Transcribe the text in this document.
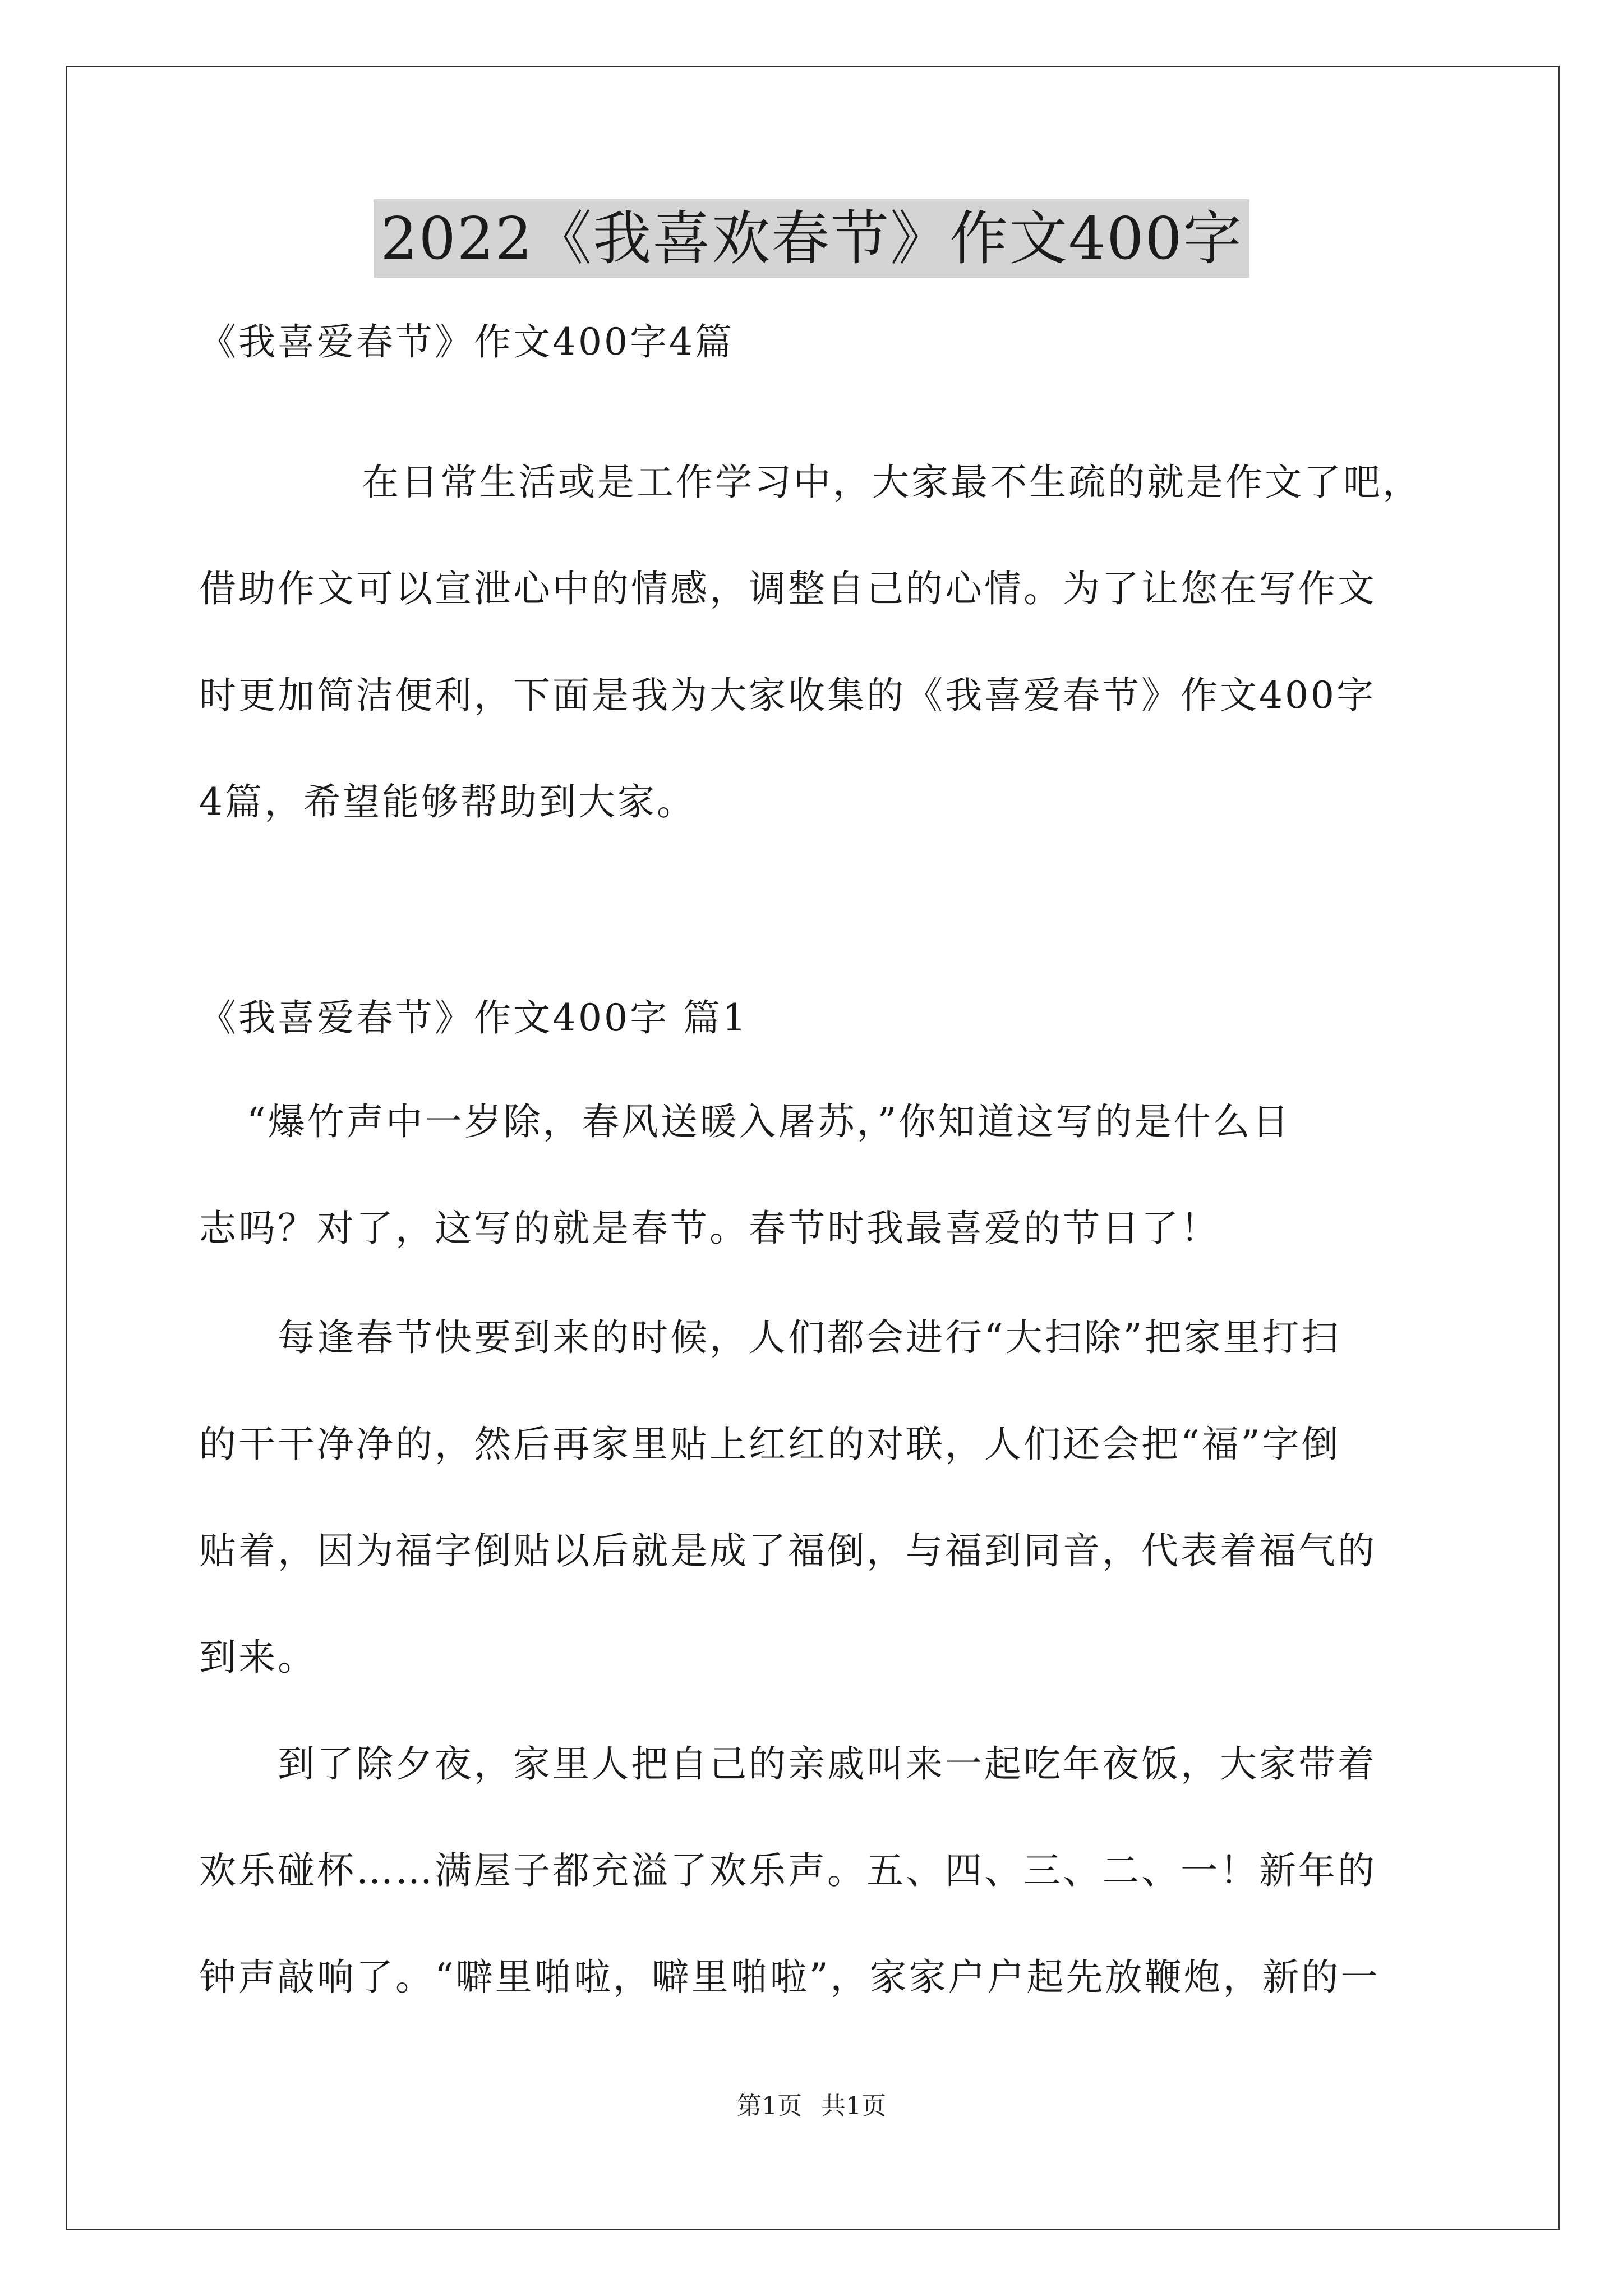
2022《我喜欢春节》作文400字
《我喜爱春节》作文400字4篇
在日常生活或是工作学习中，大家最不生疏的就是作文了吧，
借助作文可以宣泄心中的情感，调整自己的心情。为了让您在写作文
时更加简洁便利，下面是我为大家收集的《我喜爱春节》作文400字
4篇，希望能够帮助到大家。
《我喜爱春节》作文400字 篇1
“爆竹声中一岁除，春风送暖入屠苏，”你知道这写的是什么日
志吗？对了，这写的就是春节。春节时我最喜爱的节日了！
每逢春节快要到来的时候，人们都会进行“大扫除”把家里打扫
的干干净净的，然后再家里贴上红红的对联，人们还会把“福”字倒
贴着，因为福字倒贴以后就是成了福倒，与福到同音，代表着福气的
到来。
到了除夕夜，家里人把自己的亲戚叫来一起吃年夜饭，大家带着
欢乐碰杯……满屋子都充溢了欢乐声。五、四、三、二、一！新年的
钟声敲响了。“噼里啪啦，噼里啪啦”，家家户户起先放鞭炮，新的一
第1页 共1页
